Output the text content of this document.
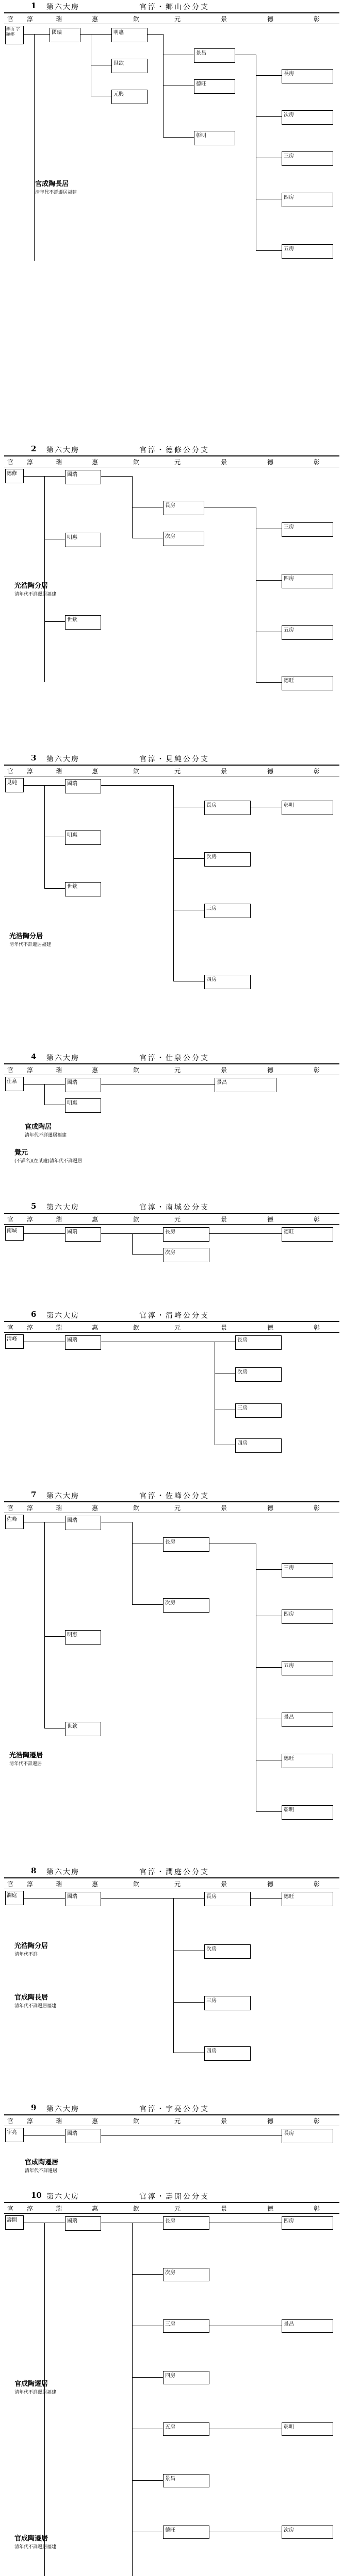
1 第六大房	官淳・鄉山公分支
官 淳	瑞	惠	欽	元	景	德	彰
鄉山 字顯鄉	國瑞	明惠
世欽
元興
景昌
德旺
彰明
長房
次房
三房
四房
五房
官成陶長居
清年代不詳遷居福建
2 第六大房	官淳・德修公分支
官 淳	瑞	惠	欽	元	景	德	彰
德修	國瑞
明惠
世欽
長房
次房
三房
四房
五房
德旺
光浩陶分居
清年代不詳遷居福建
3 第六大房	官淳・見純公分支
官 淳	瑞	惠	欽	元	景	德	彰
見純	國瑞
明惠
世欽
長房
次房
三房
四房
彰明
光浩陶分居
清年代不詳遷居福建
4 第六大房	官淳・仕泉公分支
官 淳	瑞	惠	欽	元	景	德	彰
仕泉	國瑞
明惠
景昌
官成陶居
清年代不詳遷居福建
覺元
(不詳名)(在某處)清年代不詳遷居
5 第六大房	官淳・南城公分支
官 淳	瑞	惠	欽	元	景	德	彰
南城	國瑞	長房
次房
德旺
6 第六大房	官淳・清峰公分支
官 淳	瑞	惠	欽	元	景	德	彰
清峰	國瑞	長房
次房
三房
四房
7 第六大房	官淳・佐峰公分支
官 淳	瑞	惠	欽	元	景	德	彰
佐峰	國瑞
明惠
世欽
長房
次房
三房
四房
五房
景昌
德旺
彰明
光浩陶遷居
清年代不詳遷居
8 第六大房	官淳・潤庭公分支
官 淳	瑞	惠	欽	元	景	德	彰
潤庭	國瑞	長房
次房
三房
四房
德旺
光浩陶分居
清年代不詳
官成陶長居
清年代不詳遷居福建
9 第六大房	官淳・宇亮公分支
官 淳	瑞	惠	欽	元	景	德	彰
宇亮	國瑞	長房
官成陶遷居
清年代不詳遷居
10 第六大房	官淳・壽開公分支
官 淳	瑞	惠	欽	元	景	德	彰
壽開	國瑞
官成陶遷居
清年代不詳遷居福建
官成陶遷居
清年代不詳遷居福建

長房	四房
次房
三房	景昌
四房
五房	彰明
景昌
德旺	次房
